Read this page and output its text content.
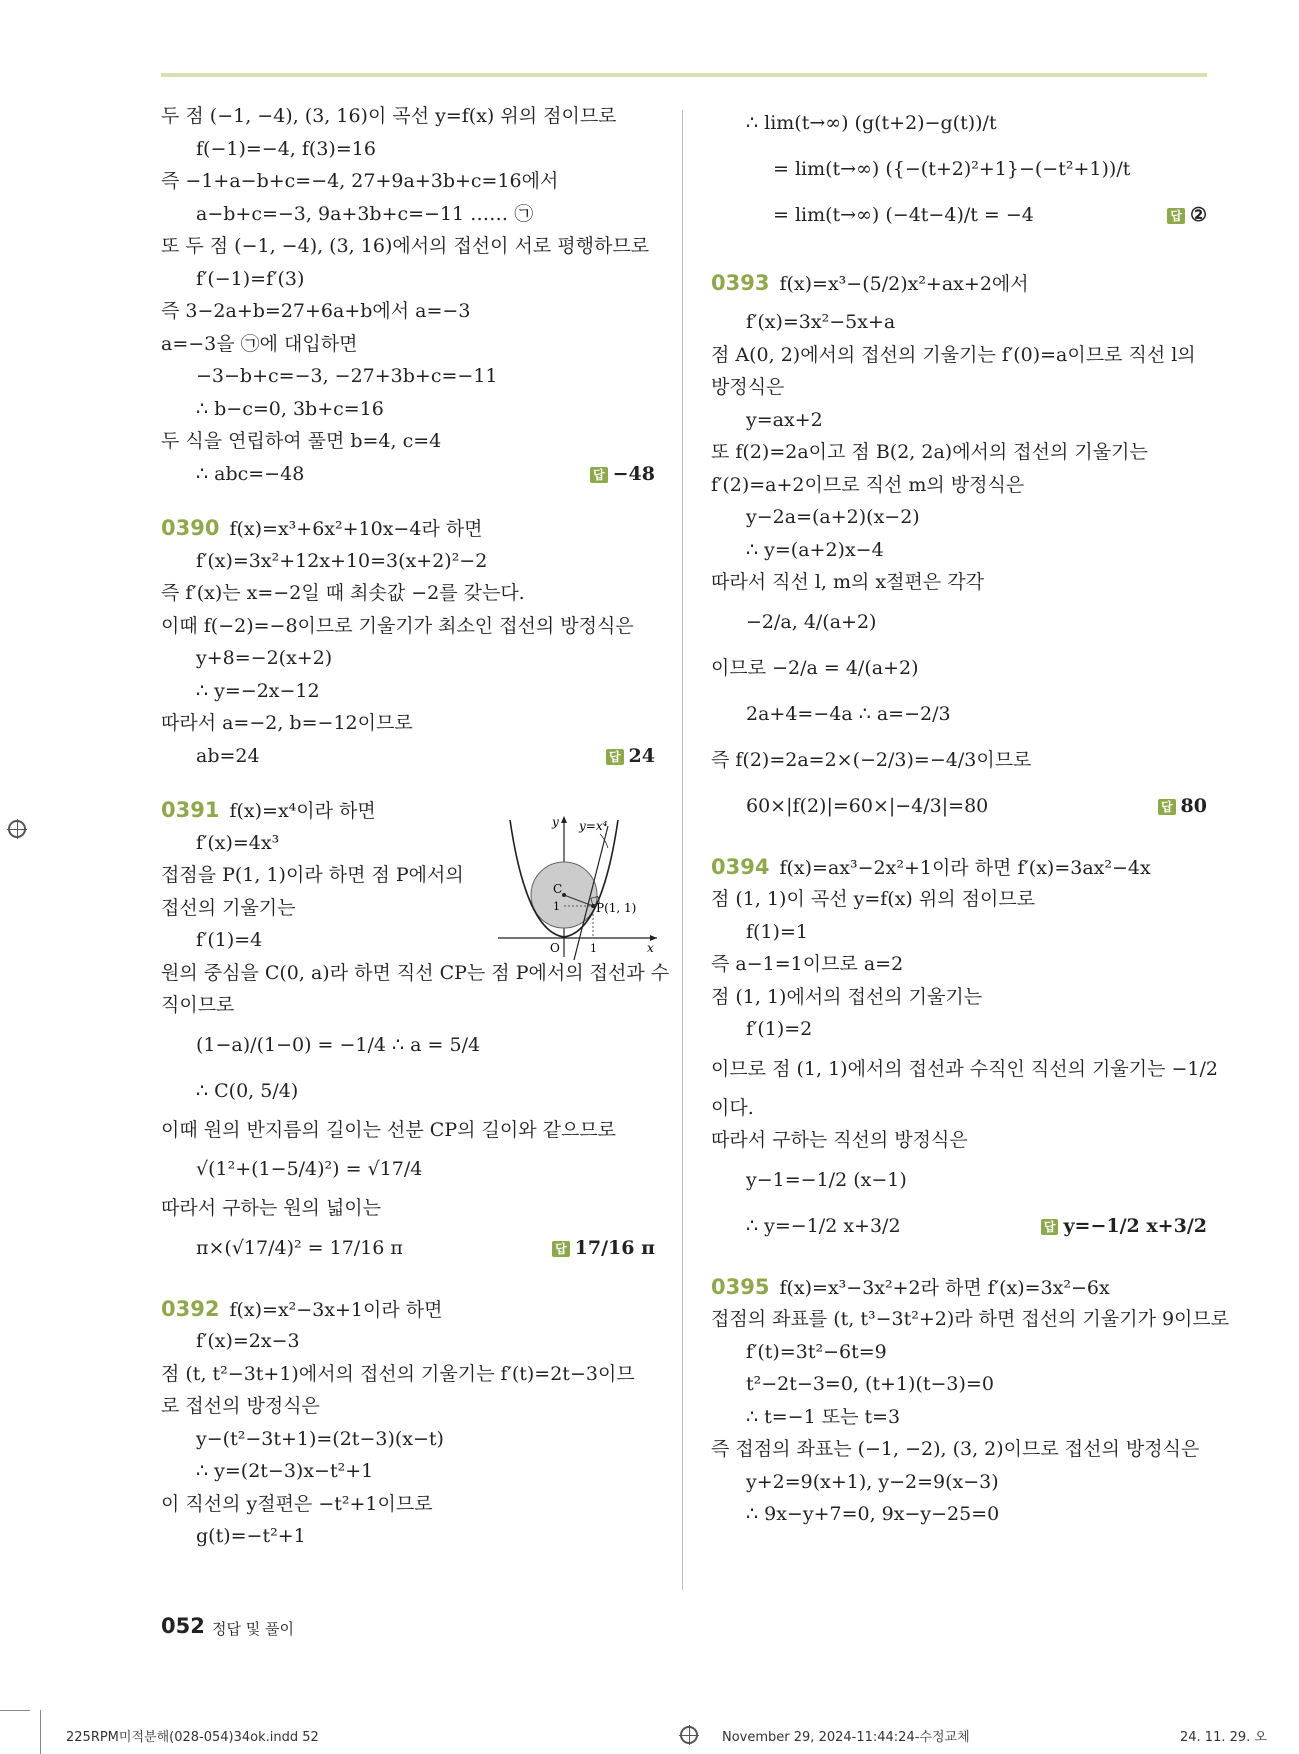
두 점 (−1, −4), (3, 16)이 곡선 y=f(x) 위의 점이므로
f(−1)=−4, f(3)=16
즉 −1+a−b+c=−4, 27+9a+3b+c=16에서
a−b+c=−3, 9a+3b+c=−11 …… ㉠
또 두 점 (−1, −4), (3, 16)에서의 접선이 서로 평행하므로
f′(−1)=f′(3)
즉 3−2a+b=27+6a+b에서 a=−3
a=−3을 ㉠에 대입하면
−3−b+c=−3, −27+3b+c=−11
∴ b−c=0, 3b+c=16
두 식을 연립하여 풀면 b=4, c=4
∴ abc=−48	답 −48
0390 f(x)=x³+6x²+10x−4라 하면
f′(x)=3x²+12x+10=3(x+2)²−2
즉 f′(x)는 x=−2일 때 최솟값 −2를 갖는다.
이때 f(−2)=−8이므로 기울기가 최소인 접선의 방정식은
y+8=−2(x+2)
∴ y=−2x−12
따라서 a=−2, b=−12이므로
ab=24	답 24
0391 f(x)=x⁴이라 하면
f′(x)=4x³
접점을 P(1, 1)이라 하면 점 P에서의
접선의 기울기는
f′(1)=4
원의 중심을 C(0, a)라 하면 직선 CP는 점 P에서의 접선과 수
직이므로
(1−a)/(1−0) = −1/4 ∴ a = 5/4
∴ C(0, 5/4)
이때 원의 반지름의 길이는 선분 CP의 길이와 같으므로
√(1²+(1−5/4)²) = √17/4
따라서 구하는 원의 넓이는
π×(√17/4)² = 17/16 π	답 17/16 π
0392 f(x)=x²−3x+1이라 하면
f′(x)=2x−3
점 (t, t²−3t+1)에서의 접선의 기울기는 f′(t)=2t−3이므
로 접선의 방정식은
y−(t²−3t+1)=(2t−3)(x−t)
∴ y=(2t−3)x−t²+1
이 직선의 y절편은 −t²+1이므로
g(t)=−t²+1
y y=x⁴
C
1	P(1, 1)
O	1	x
∴ lim(t→∞) (g(t+2)−g(t))/t
= lim(t→∞) ({−(t+2)²+1}−(−t²+1))/t
= lim(t→∞) (−4t−4)/t = −4	답 ②
0393 f(x)=x³−(5/2)x²+ax+2에서
f′(x)=3x²−5x+a
점 A(0, 2)에서의 접선의 기울기는 f′(0)=a이므로 직선 l의
방정식은
y=ax+2
또 f(2)=2a이고 점 B(2, 2a)에서의 접선의 기울기는
f′(2)=a+2이므로 직선 m의 방정식은
y−2a=(a+2)(x−2)
∴ y=(a+2)x−4
따라서 직선 l, m의 x절편은 각각
−2/a, 4/(a+2)
이므로 −2/a = 4/(a+2)
2a+4=−4a ∴ a=−2/3
즉 f(2)=2a=2×(−2/3)=−4/3이므로
60×|f(2)|=60×|−4/3|=80	답 80
0394 f(x)=ax³−2x²+1이라 하면 f′(x)=3ax²−4x
점 (1, 1)이 곡선 y=f(x) 위의 점이므로
f(1)=1
즉 a−1=1이므로 a=2
점 (1, 1)에서의 접선의 기울기는
f′(1)=2
이므로 점 (1, 1)에서의 접선과 수직인 직선의 기울기는 −1/2
이다.
따라서 구하는 직선의 방정식은
y−1=−1/2 (x−1)
∴ y=−1/2 x+3/2	답 y=−1/2 x+3/2
0395 f(x)=x³−3x²+2라 하면 f′(x)=3x²−6x
접점의 좌표를 (t, t³−3t²+2)라 하면 접선의 기울기가 9이므로
f′(t)=3t²−6t=9
t²−2t−3=0, (t+1)(t−3)=0
∴ t=−1 또는 t=3
즉 접점의 좌표는 (−1, −2), (3, 2)이므로 접선의 방정식은
y+2=9(x+1), y−2=9(x−3)
∴ 9x−y+7=0, 9x−y−25=0
052 정답 및 풀이
225RPM미적분해(028-054)34ok.indd 52	November 29, 2024-11:44:24-수정교체	24. 11. 29. 오
